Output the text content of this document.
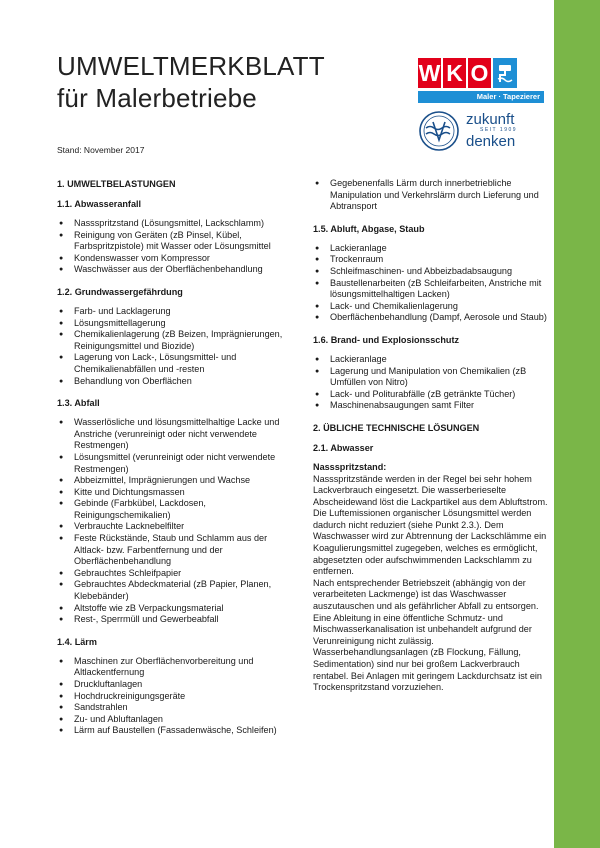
UMWELTMERKBLATT
für Malerbetriebe
Stand: November 2017
W K O
Maler · Tapezierer
zukunft
SEIT 1909
denken
1. UMWELTBELASTUNGEN
1.1. Abwasseranfall
● Nassspritzstand (Lösungsmittel, Lackschlamm)
● Reinigung von Geräten (zB Pinsel, Kübel, Farbspritzpistole) mit Wasser oder Lösungsmittel
● Kondenswasser vom Kompressor
● Waschwässer aus der Oberflächenbehandlung
1.2. Grundwassergefährdung
● Farb- und Lacklagerung
● Lösungsmittellagerung
● Chemikalienlagerung (zB Beizen, Imprägnierungen, Reinigungsmittel und Biozide)
● Lagerung von Lack-, Lösungsmittel- und Chemikalienabfällen und -resten
● Behandlung von Oberflächen
1.3. Abfall
● Wasserlösliche und lösungsmittelhaltige Lacke und Anstriche (verunreinigt oder nicht verwendete Restmengen)
● Lösungsmittel (verunreinigt oder nicht verwendete Restmengen)
● Abbeizmittel, Imprägnierungen und Wachse
● Kitte und Dichtungsmassen
● Gebinde (Farbkübel, Lackdosen, Reinigungschemikalien)
● Verbrauchte Lacknebelfilter
● Feste Rückstände, Staub und Schlamm aus der Altlack- bzw. Farbentfernung und der Oberflächenbehandlung
● Gebrauchtes Schleifpapier
● Gebrauchtes Abdeckmaterial (zB Papier, Planen, Klebebänder)
● Altstoffe wie zB Verpackungsmaterial
● Rest-, Sperrmüll und Gewerbeabfall
1.4. Lärm
● Maschinen zur Oberflächenvorbereitung und Altlackentfernung
● Druckluftanlagen
● Hochdruckreinigungsgeräte
● Sandstrahlen
● Zu- und Abluftanlagen
● Lärm auf Baustellen (Fassadenwäsche, Schleifen)
● Gegebenenfalls Lärm durch innerbetriebliche Manipulation und Verkehrslärm durch Lieferung und Abtransport
1.5. Abluft, Abgase, Staub
● Lackieranlage
● Trockenraum
● Schleifmaschinen- und Abbeizbadabsaugung
● Baustellenarbeiten (zB Schleifarbeiten, Anstriche mit lösungsmittelhaltigen Lacken)
● Lack- und Chemikalienlagerung
● Oberflächenbehandlung (Dampf, Aerosole und Staub)
1.6. Brand- und Explosionsschutz
● Lackieranlage
● Lagerung und Manipulation von Chemikalien (zB Umfüllen von Nitro)
● Lack- und Politurabfälle (zB getränkte Tücher)
● Maschinenabsaugungen samt Filter
2. ÜBLICHE TECHNISCHE LÖSUNGEN
2.1. Abwasser

Nassspritzstand:

Nassspritzstände werden in der Regel bei sehr hohem Lackverbrauch eingesetzt. Die wasserberieselte Abscheidewand löst die Lackpartikel aus dem Abluftstrom. Die Luftemissionen organischer Lösungsmittel werden dadurch nicht reduziert (siehe Punkt 2.3.). Dem Waschwasser wird zur Abtrennung der Lackschlämme ein Koagulierungsmittel zugegeben, welches es ermöglicht, abgesetzten oder aufschwimmenden Lackschlamm zu entfernen.

Nach entsprechender Betriebszeit (abhängig von der verarbeiteten Lackmenge) ist das Waschwasser auszutauschen und als gefährlicher Abfall zu entsorgen. Eine Ableitung in eine öffentliche Schmutz- und Mischwasserkanalisation ist unbehandelt aufgrund der Verunreinigung nicht zulässig. Wasserbehandlungsanlagen (zB Flockung, Fällung, Sedimentation) sind nur bei großem Lackverbrauch rentabel. Bei Anlagen mit geringem Lackdurchsatz ist ein Trockenspritzstand vorzuziehen.
